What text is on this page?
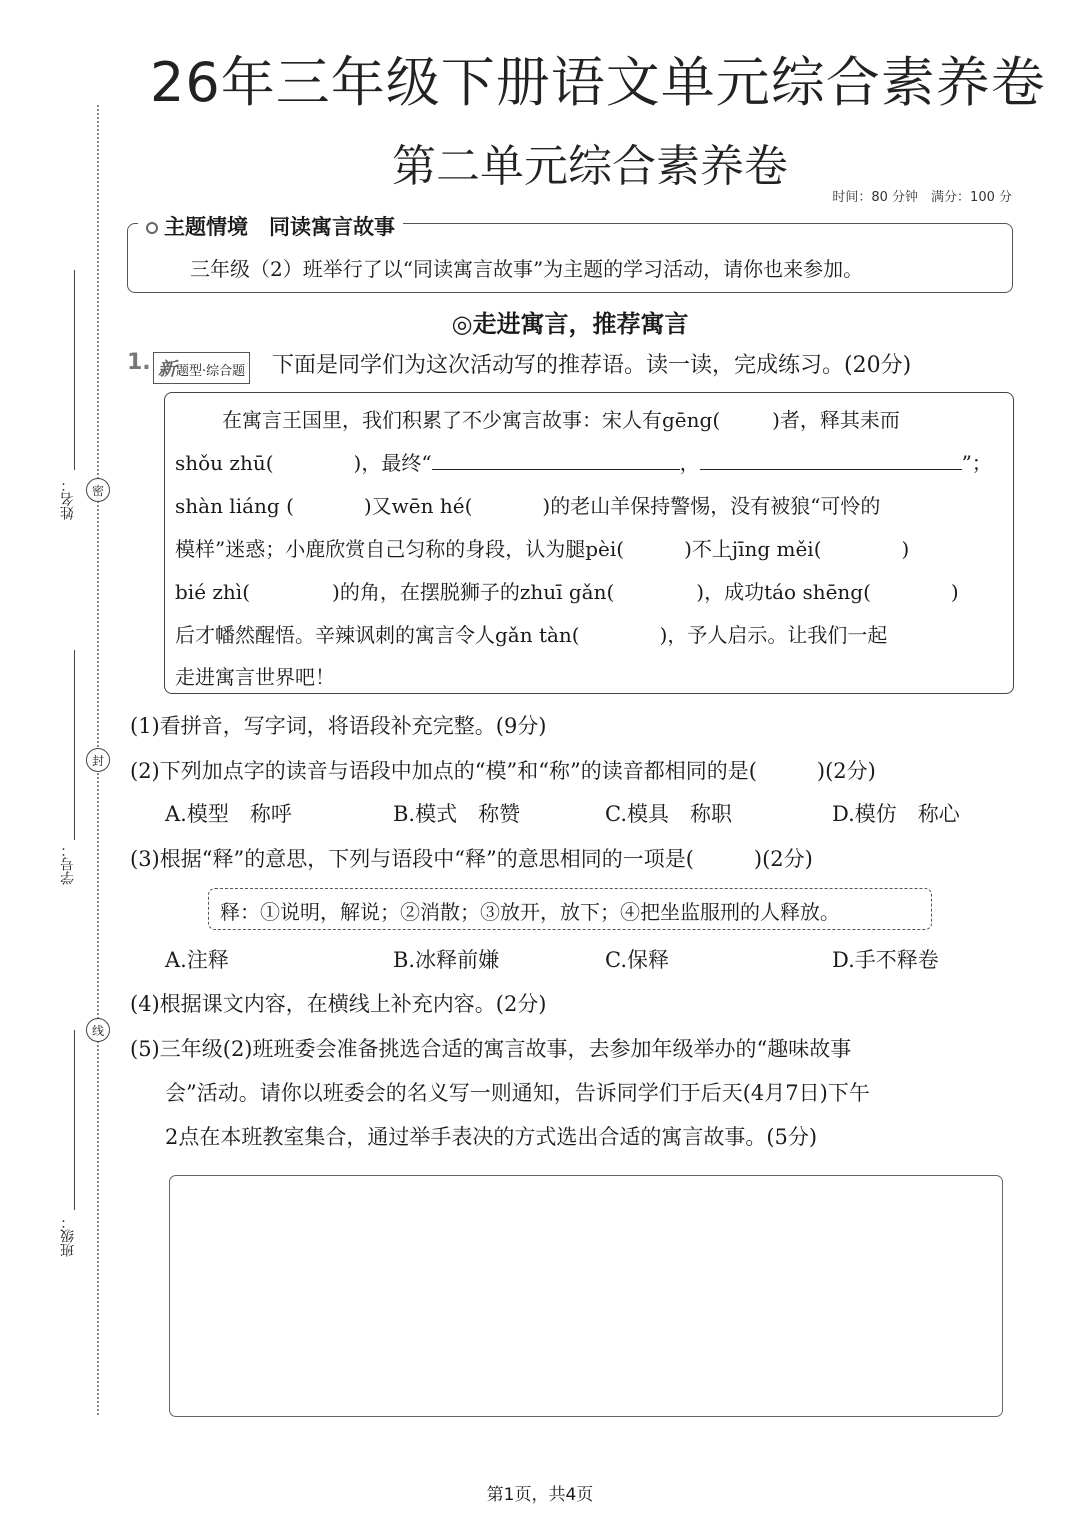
26年三年级下册语文单元综合素养卷
第二单元综合素养卷
时间：80 分钟　满分：100 分
姓名：	密
封
学号：
线
班级：
主题情境　同读寓言故事
三年级（2）班举行了以“同读寓言故事”为主题的学习活动，请你也来参加。
◎走进寓言，推荐寓言
1. 新题型·综合题 下面是同学们为这次活动写的推荐语。读一读，完成练习。(20分)
在寓言王国里，我们积累了不少寓言故事：宋人有gēng(	)者，释其耒而
shǒu zhū(	)，最终“	，	”；
shàn liáng (	)又wēn hé(	)的老山羊保持警惕，没有被狼“可怜的
模样”迷惑；小鹿欣赏自己匀称的身段，认为腿pèi(	)不上jīng měi(	)
bié zhì(	)的角，在摆脱狮子的zhuī gǎn(	)，成功táo shēng(	)
后才幡然醒悟。辛辣讽刺的寓言令人gǎn tàn(	)，予人启示。让我们一起
走进寓言世界吧！
(1)看拼音，写字词，将语段补充完整。(9分)
(2)下列加点字的读音与语段中加点的“模”和“称”的读音都相同的是(	)(2分)
A.模型　称呼	B.模式　称赞	C.模具　称职	D.模仿　称心
(3)根据“释”的意思，下列与语段中“释”的意思相同的一项是(	)(2分)
释：①说明，解说；②消散；③放开，放下；④把坐监服刑的人释放。
A.注释	B.冰释前嫌	C.保释	D.手不释卷
(4)根据课文内容，在横线上补充内容。(2分)
(5)三年级(2)班班委会准备挑选合适的寓言故事，去参加年级举办的“趣味故事
会”活动。请你以班委会的名义写一则通知，告诉同学们于后天(4月7日)下午
2点在本班教室集合，通过举手表决的方式选出合适的寓言故事。(5分)
第1页，共4页
